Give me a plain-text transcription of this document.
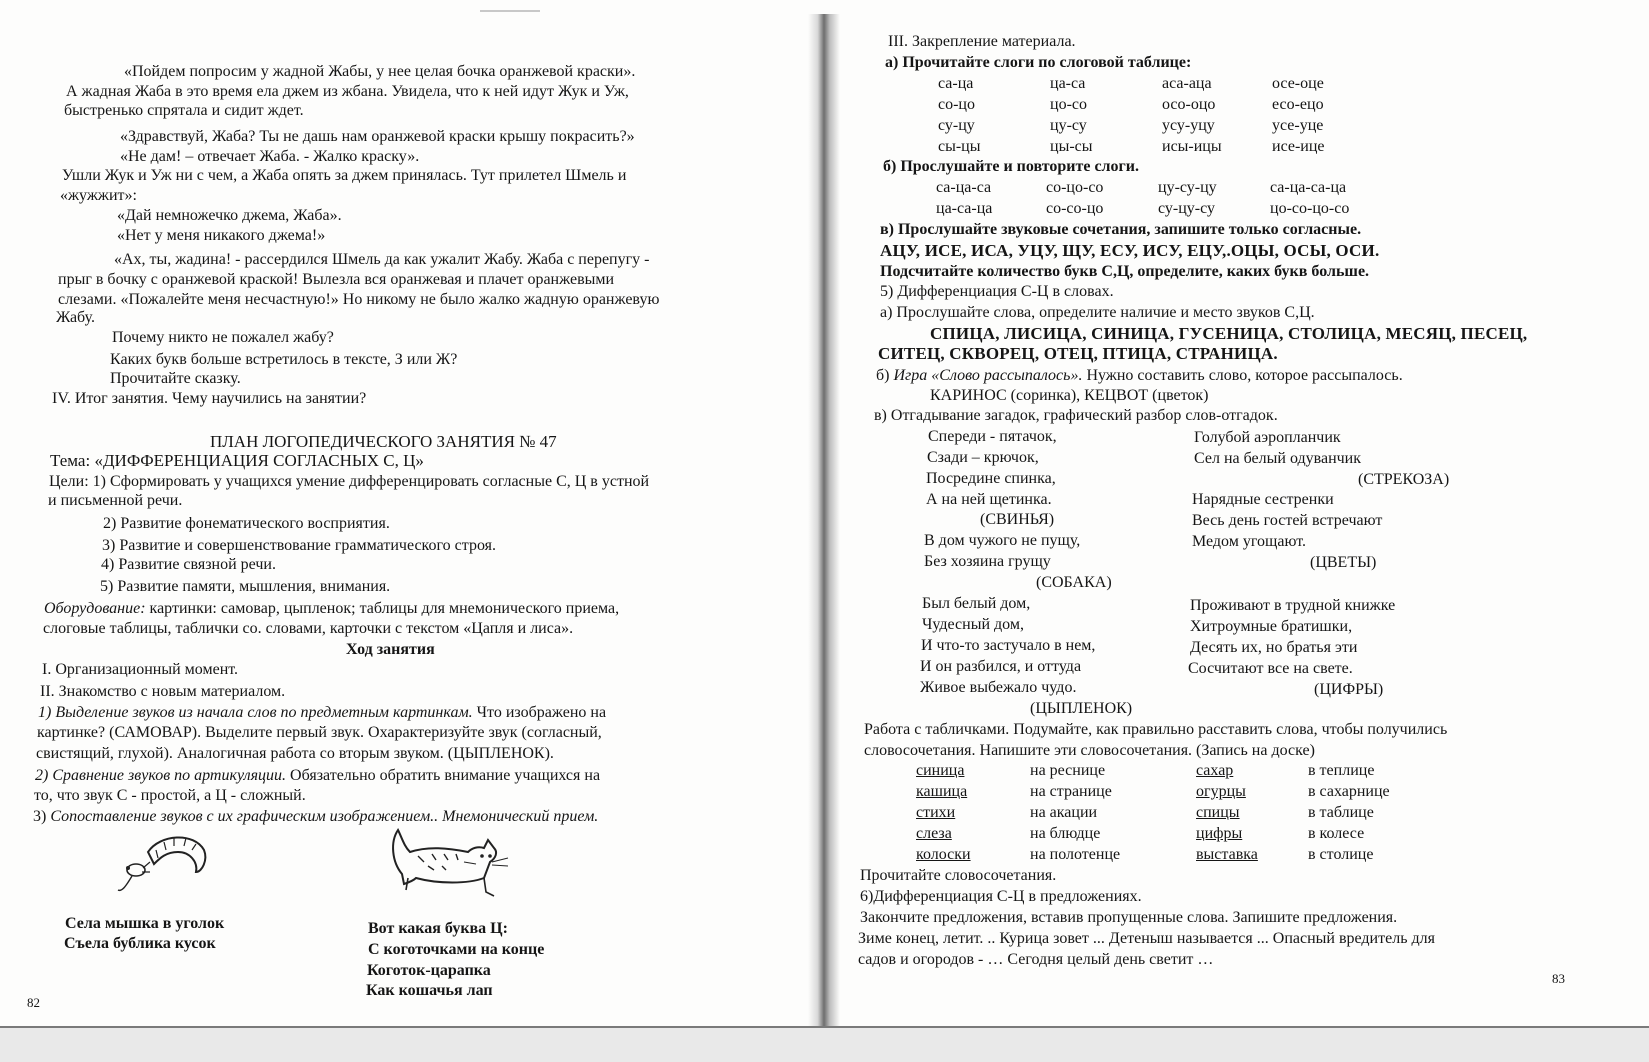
«Пойдем попросим у жадной Жабы, у нее целая бочка оранжевой краски».
А жадная Жаба в это время ела джем из жбана. Увидела, что к ней идут Жук и Уж,
быстренько спрятала и сидит ждет.
«Здравствуй, Жаба? Ты не дашь нам оранжевой краски крышу покрасить?»
«Не дам! – отвечает Жаба. - Жалко краску».
Ушли Жук и Уж ни с чем, а Жаба опять за джем принялась. Тут прилетел Шмель и
«жужжит»:
«Дай немножечко джема, Жаба».
«Нет у меня никакого джема!»
«Ах, ты, жадина! - рассердился Шмель да как ужалит Жабу. Жаба с перепугу -
прыг в бочку с оранжевой краской! Вылезла вся оранжевая и плачет оранжевыми
слезами. «Пожалейте меня несчастную!» Но никому не было жалко жадную оранжевую
Жабу.
Почему никто не пожалел жабу?
Каких букв больше встретилось в тексте, З или Ж?
Прочитайте сказку.
IV. Итог занятия. Чему научились на занятии?
ПЛАН ЛОГОПЕДИЧЕСКОГО ЗАНЯТИЯ № 47
Тема: «ДИФФЕРЕНЦИАЦИЯ СОГЛАСНЫХ С, Ц»
Цели: 1) Сформировать у учащихся умение дифференцировать согласные С, Ц в устной
и письменной речи.
2) Развитие фонематического восприятия.
3) Развитие и совершенствование грамматического строя.
4) Развитие связной речи.
5) Развитие памяти, мышления, внимания.
Оборудование: картинки: самовар, цыпленок; таблицы для мнемонического приема,
слоговые таблицы, таблички со. словами, карточки с текстом «Цапля и лиса».
Ход занятия
I. Организационный момент.
II. Знакомство с новым материалом.
1) Выделение звуков из начала слов по предметным картинкам. Что изображено на
картинке? (САМОВАР). Выделите первый звук. Охарактеризуйте звук (согласный,
свистящий, глухой). Аналогичная работа со вторым звуком. (ЦЫПЛЕНОК).
2) Сравнение звуков по артикуляции. Обязательно обратить внимание учащихся на
то, что звук С - простой, а Ц - сложный.
3) Сопоставление звуков с их графическим изображением.. Мнемонический прием.
Села мышка в уголок
Съела бублика кусок
Вот какая буква Ц:
С коготочками на конце
Коготок-царапка
Как кошачья лап
82
III. Закрепление материала.
а) Прочитайте слоги по слоговой таблице:
са-ца	ца-са	аса-аца	осе-оце
со-цо	цо-со	осо-оцо	есо-ецо
су-цу	цу-су	усу-уцу	усе-уце
сы-цы	цы-сы	исы-ицы	исе-ице
б) Прослушайте и повторите слоги.
са-ца-са	со-цо-со	цу-су-цу	са-ца-са-ца
ца-са-ца	со-со-цо	су-цу-су	цо-со-цо-со
в) Прослушайте звуковые сочетания, запишите только согласные.
АЦУ, ИСЕ, ИСА, УЦУ, ЩУ, ЕСУ, ИСУ, ЕЦУ,.ОЦЫ, ОСЫ, ОСИ.
Подсчитайте количество букв С,Ц, определите, каких букв больше.
5) Дифференциация С-Ц в словах.
а) Прослушайте слова, определите наличие и место звуков С,Ц.
СПИЦА, ЛИСИЦА, СИНИЦА, ГУСЕНИЦА, СТОЛИЦА, МЕСЯЦ, ПЕСЕЦ,
СИТЕЦ, СКВОРЕЦ, ОТЕЦ, ПТИЦА, СТРАНИЦА.
б) Игра «Слово рассыпалось». Нужно составить слово, которое рассыпалось.
КАРИНОС (соринка), КЕЦВОТ (цветок)
в) Отгадывание загадок, графический разбор слов-отгадок.
Спереди - пятачок,
Сзади – крючок,
Посредине спинка,
А на ней щетинка.
(СВИНЬЯ)
Голубой аэропланчик
Сел на белый одуванчик
(СТРЕКОЗА)
В дом чужого не пущу,
Без хозяина грущу
(СОБАКА)
Нарядные сестренки
Весь день гостей встречают
Медом угощают.
(ЦВЕТЫ)
Был белый дом,
Чудесный дом,
И что-то застучало в нем,
И он разбился, и оттуда
Живое выбежало чудо.
(ЦЫПЛЕНОК)
Проживают в трудной книжке
Хитроумные братишки,
Десять их, но братья эти
Сосчитают все на свете.
(ЦИФРЫ)
Работа с табличками. Подумайте, как правильно расставить слова, чтобы получились
словосочетания. Напишите эти словосочетания. (Запись на доске)
синица	на реснице	сахар	в теплице
кашица	на странице	огурцы	в сахарнице
стихи	на акации	спицы	в таблице
слеза	на блюдце	цифры	в колесе
колоски	на полотенце	выставка	в столице
Прочитайте словосочетания.
6)Дифференциация С-Ц в предложениях.
Закончите предложения, вставив пропущенные слова. Запишите предложения.
Зиме конец, летит. .. Курица зовет ... Детеныш называется ... Опасный вредитель для
садов и огородов - … Сегодня целый день светит …
83
